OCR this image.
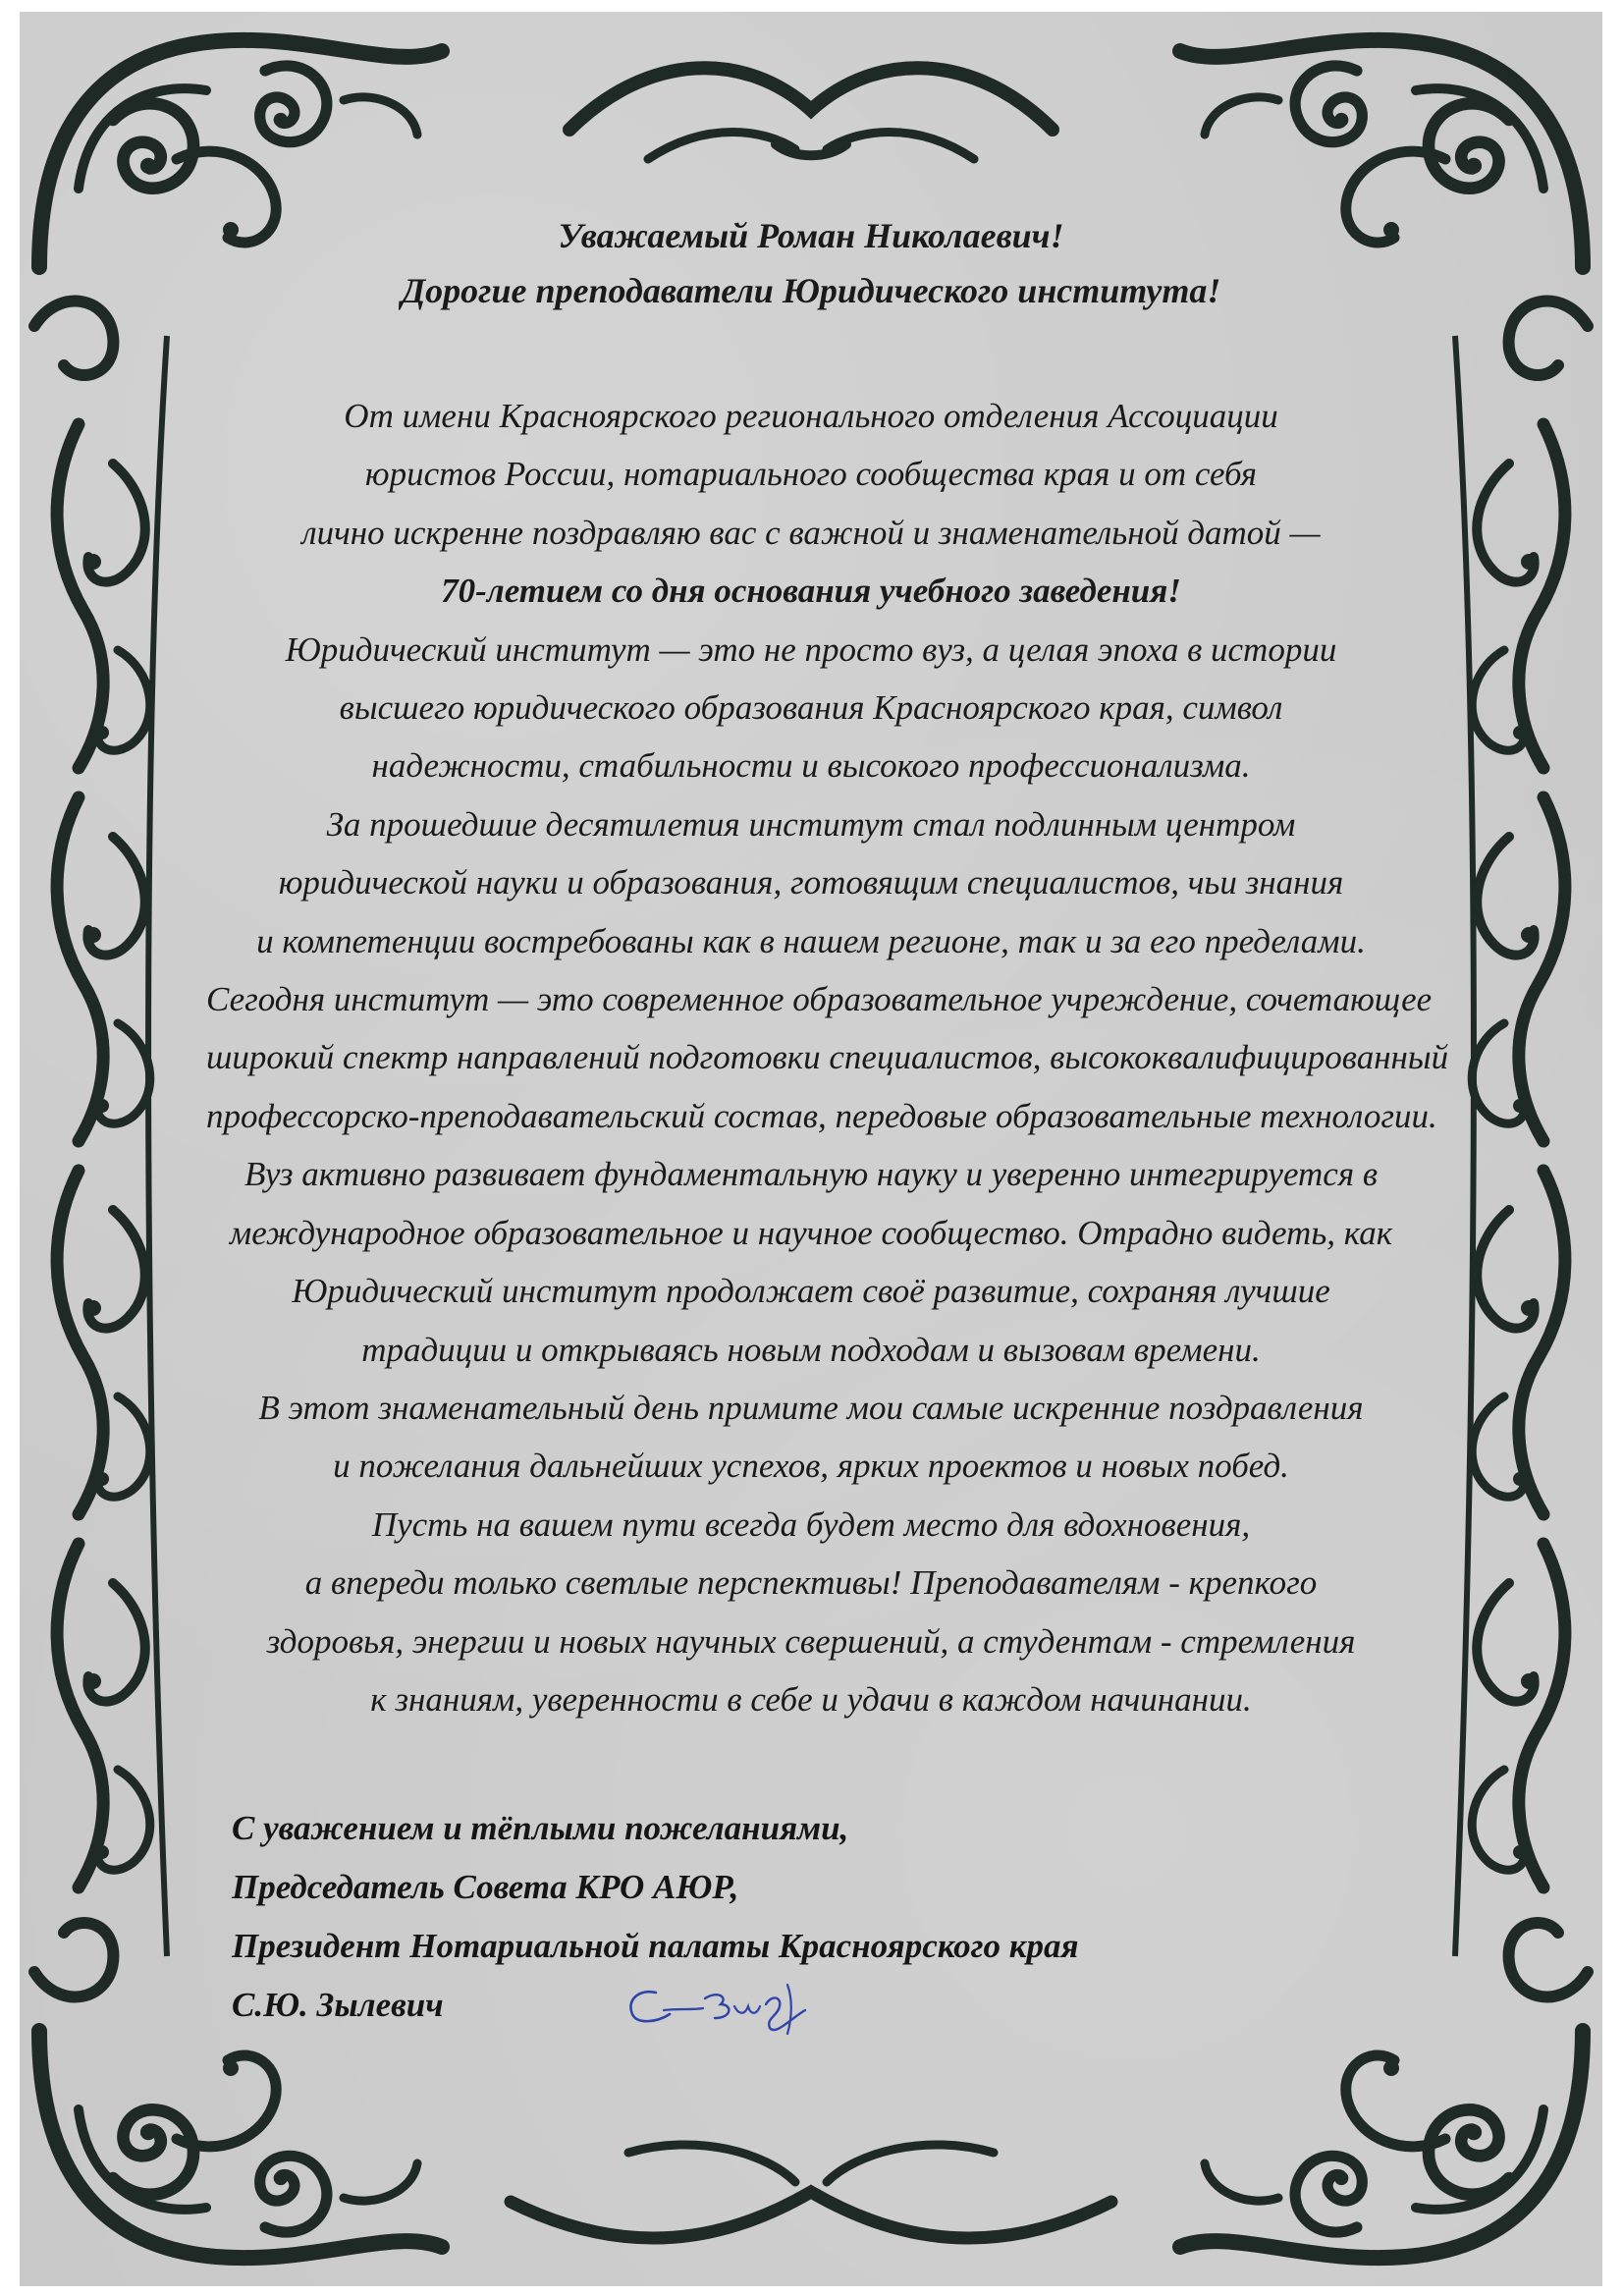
Уважаемый Роман Николаевич!

Дорогие преподаватели Юридического института!

От имени Красноярского регионального отделения Ассоциации
юристов России, нотариального сообщества края и от себя
лично искренне поздравляю вас с важной и знаменательной датой —
70-летием со дня основания учебного заведения!
Юридический институт — это не просто вуз, а целая эпоха в истории
высшего юридического образования Красноярского края, символ
надежности, стабильности и высокого профессионализма.
За прошедшие десятилетия институт стал подлинным центром
юридической науки и образования, готовящим специалистов, чьи знания
и компетенции востребованы как в нашем регионе, так и за его пределами.
Сегодня институт — это современное образовательное учреждение, сочетающее
широкий спектр направлений подготовки специалистов, высококвалифицированный
профессорско-преподавательский состав, передовые образовательные технологии.
Вуз активно развивает фундаментальную науку и уверенно интегрируется в
международное образовательное и научное сообщество. Отрадно видеть, как
Юридический институт продолжает своё развитие, сохраняя лучшие
традиции и открываясь новым подходам и вызовам времени.
В этот знаменательный день примите мои самые искренние поздравления
и пожелания дальнейших успехов, ярких проектов и новых побед.
Пусть на вашем пути всегда будет место для вдохновения,
а впереди только светлые перспективы! Преподавателям - крепкого
здоровья, энергии и новых научных свершений, а студентам - стремления
к знаниям, уверенности в себе и удачи в каждом начинании.
С уважением и тёплыми пожеланиями,
Председатель Совета КРО АЮР,
Президент Нотариальной палаты Красноярского края
С.Ю. Зылевич
